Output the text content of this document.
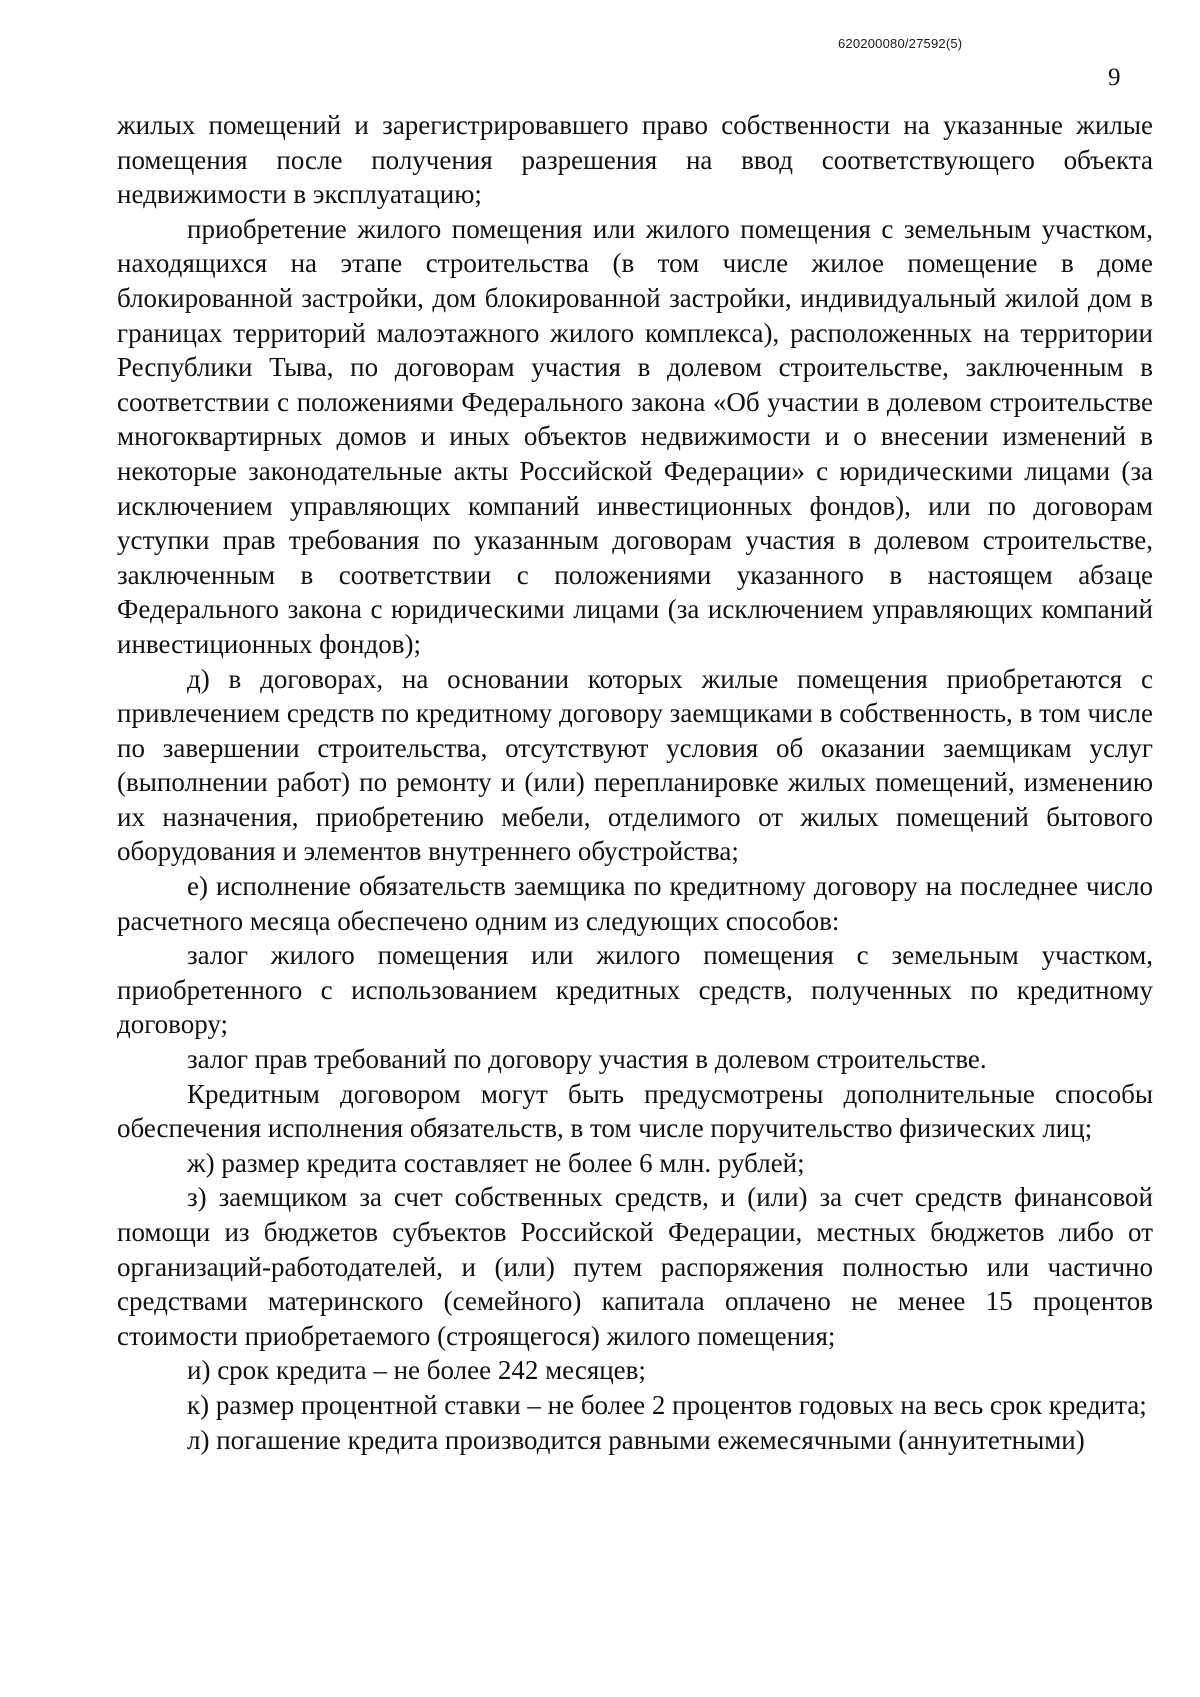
620200080/27592(5)
9

жилых помещений и зарегистрировавшего право собственности на указанные жилые помещения после получения разрешения на ввод соответствующего объекта недвижимости в эксплуатацию;

приобретение жилого помещения или жилого помещения с земельным участком, находящихся на этапе строительства (в том числе жилое помещение в доме блокированной застройки, дом блокированной застройки, индивидуальный жилой дом в границах территорий малоэтажного жилого комплекса), расположенных на территории Республики Тыва, по договорам участия в долевом строительстве, заключенным в соответствии с положениями Федерального закона «Об участии в долевом строительстве многоквартирных домов и иных объектов недвижимости и о внесении изменений в некоторые законодательные акты Российской Федерации» с юридическими лицами (за исключением управляющих компаний инвестиционных фондов), или по договорам уступки прав требования по указанным договорам участия в долевом строительстве, заключенным в соответствии с положениями указанного в настоящем абзаце Федерального закона с юридическими лицами (за исключением управляющих компаний инвестиционных фондов);

д) в договорах, на основании которых жилые помещения приобретаются с привлечением средств по кредитному договору заемщиками в собственность, в том числе по завершении строительства, отсутствуют условия об оказании заемщикам услуг (выполнении работ) по ремонту и (или) перепланировке жилых помещений, изменению их назначения, приобретению мебели, отделимого от жилых помещений бытового оборудования и элементов внутреннего обустройства;

е) исполнение обязательств заемщика по кредитному договору на последнее число расчетного месяца обеспечено одним из следующих способов:

залог жилого помещения или жилого помещения с земельным участком, приобретенного с использованием кредитных средств, полученных по кредитному договору;

залог прав требований по договору участия в долевом строительстве.

Кредитным договором могут быть предусмотрены дополнительные способы обеспечения исполнения обязательств, в том числе поручительство физических лиц;

ж) размер кредита составляет не более 6 млн. рублей;

з) заемщиком за счет собственных средств, и (или) за счет средств финансовой помощи из бюджетов субъектов Российской Федерации, местных бюджетов либо от организаций-работодателей, и (или) путем распоряжения полностью или частично средствами материнского (семейного) капитала оплачено не менее 15 процентов стоимости приобретаемого (строящегося) жилого помещения;

и) срок кредита – не более 242 месяцев;

к) размер процентной ставки – не более 2 процентов годовых на весь срок кредита;

л) погашение кредита производится равными ежемесячными (аннуитетными)
